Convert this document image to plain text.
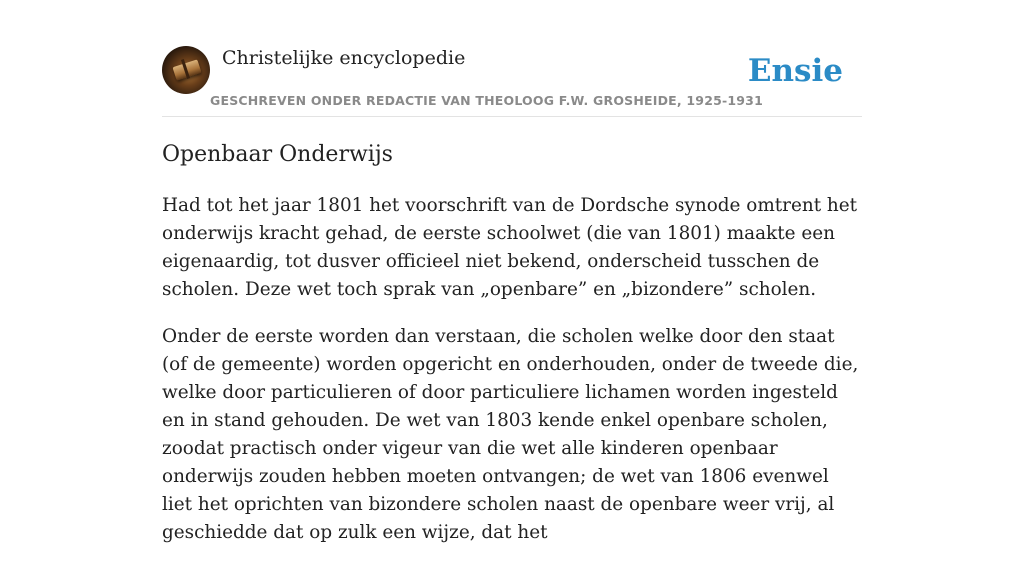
Christelijke encyclopedie
GESCHREVEN ONDER REDACTIE VAN THEOLOOG F.W. GROSHEIDE, 1925-1931
Ensie
Openbaar Onderwijs

Had tot het jaar 1801 het voorschrift van de Dordsche synode omtrent het onderwijs kracht gehad, de eerste schoolwet (die van 1801) maakte een eigenaardig, tot dusver officieel niet bekend, onderscheid tusschen de scholen. Deze wet toch sprak van „openbare” en „bizondere” scholen.

Onder de eerste worden dan verstaan, die scholen welke door den staat (of de gemeente) worden opgericht en onderhouden, onder de tweede die, welke door particulieren of door particuliere lichamen worden ingesteld en in stand gehouden. De wet van 1803 kende enkel openbare scholen, zoodat practisch onder vigeur van die wet alle kinderen openbaar onderwijs zouden hebben moeten ontvangen; de wet van 1806 evenwel liet het oprichten van bizondere scholen naast de openbare weer vrij, al geschiedde dat op zulk een wijze, dat het
